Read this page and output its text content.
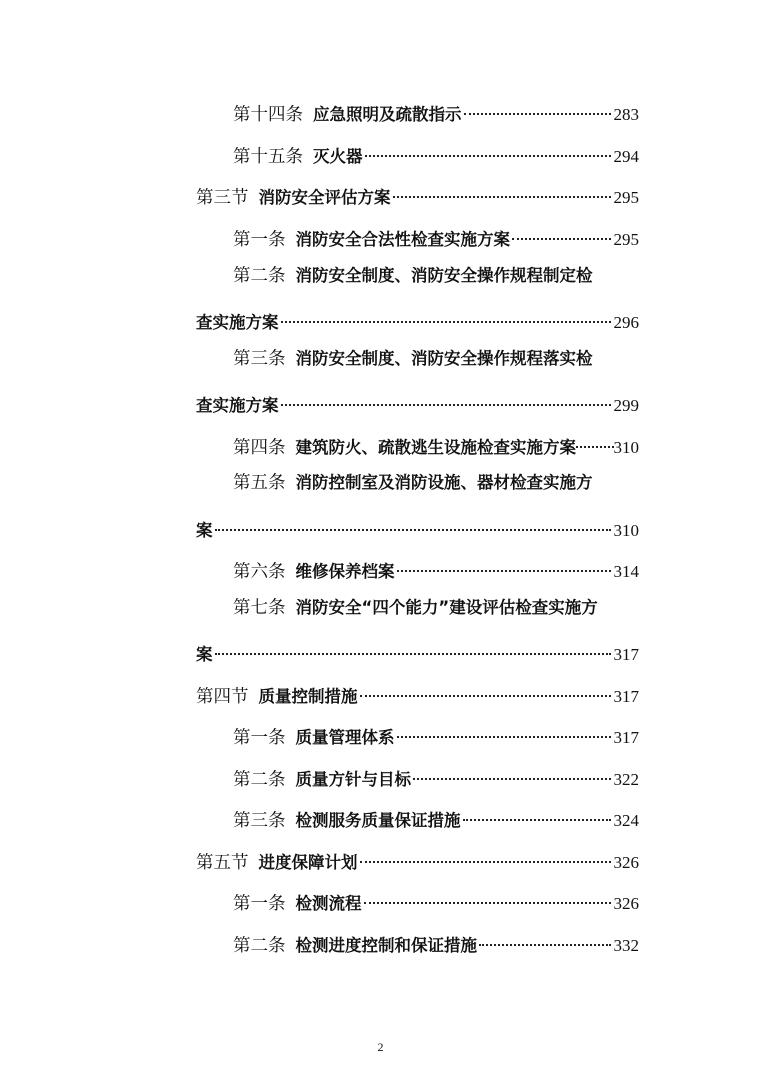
第十四条 应急照明及疏散指示	283
第十五条 灭火器	294
第三节 消防安全评估方案	295
第一条 消防安全合法性检查实施方案	295
第二条 消防安全制度、消防安全操作规程制定检
查实施方案	296
第三条 消防安全制度、消防安全操作规程落实检
查实施方案	299
第四条 建筑防火、疏散逃生设施检查实施方案 310
第五条 消防控制室及消防设施、器材检查实施方
案	310
第六条 维修保养档案	314
第七条 消防安全“四个能力”建设评估检查实施方
案	317
第四节 质量控制措施	317
第一条 质量管理体系	317
第二条 质量方针与目标	322
第三条 检测服务质量保证措施	324
第五节 进度保障计划	326
第一条 检测流程	326
第二条 检测进度控制和保证措施	332
2
